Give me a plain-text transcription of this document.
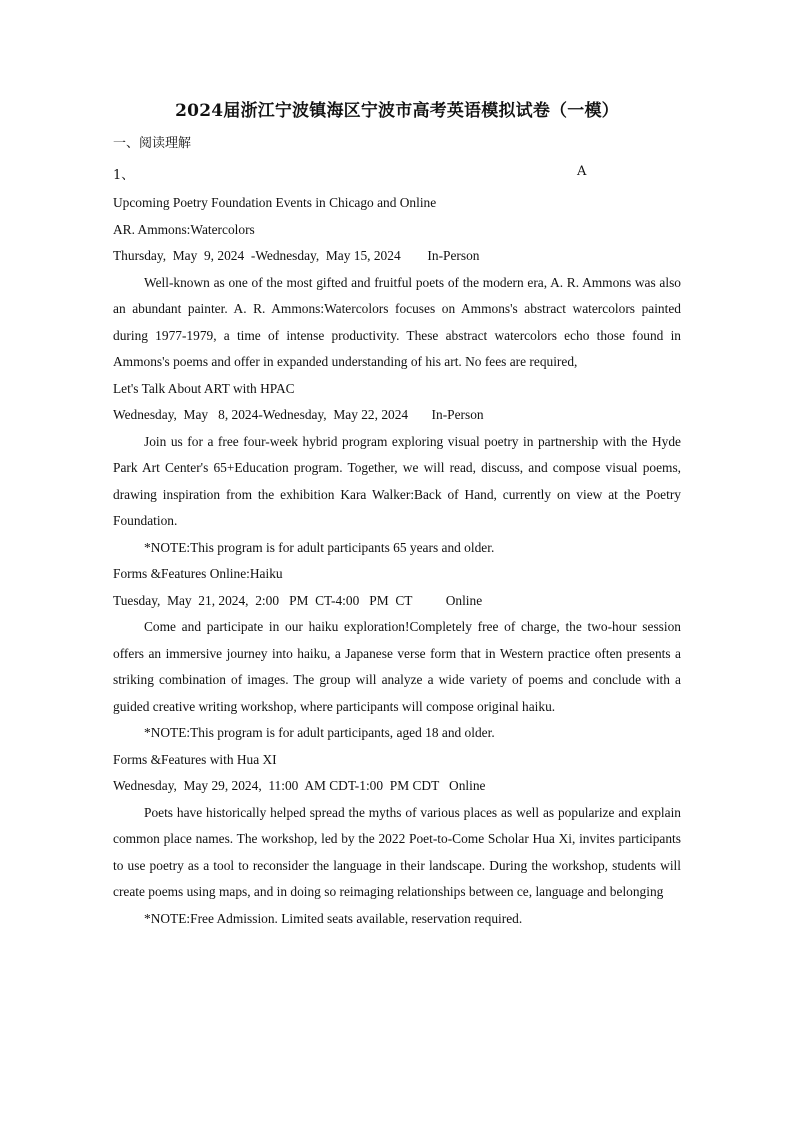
2024届浙江宁波镇海区宁波市高考英语模拟试卷（一模）
一、阅读理解
1、	A
Upcoming Poetry Foundation Events in Chicago and Online
AR. Ammons:Watercolors
Thursday,  May  9, 2024  -Wednesday,  May 15, 2024        In-Person

Well-known as one of the most gifted and fruitful poets of the modern era, A. R. Ammons was also an abundant painter. A. R. Ammons:Watercolors focuses on Ammons's abstract watercolors painted during 1977-1979, a time of intense productivity. These abstract watercolors echo those found in Ammons's poems and offer in expanded understanding of his art. No fees are required,

Let's Talk About ART with HPAC
Wednesday,  May   8, 2024-Wednesday,  May 22, 2024       In-Person

Join us for a free four-week hybrid program exploring visual poetry in partnership with the Hyde Park Art Center's 65+Education program. Together, we will read, discuss, and compose visual poems, drawing inspiration from the exhibition Kara Walker:Back of Hand, currently on view at the Poetry Foundation.

*NOTE:This program is for adult participants 65 years and older.

Forms &Features Online:Haiku
Tuesday,  May  21, 2024,  2:00   PM  CT-4:00   PM  CT          Online

Come and participate in our haiku exploration!Completely free of charge, the two-hour session offers an immersive journey into haiku, a Japanese verse form that in Western practice often presents a striking combination of images. The group will analyze a wide variety of poems and conclude with a guided creative writing workshop, where participants will compose original haiku.

*NOTE:This program is for adult participants, aged 18 and older.

Forms &Features with Hua XI
Wednesday,  May 29, 2024,  11:00  AM CDT-1:00  PM CDT   Online

Poets have historically helped spread the myths of various places as well as popularize and explain common place names. The workshop, led by the 2022 Poet-to-Come Scholar Hua Xi, invites participants to use poetry as a tool to reconsider the language in their landscape. During the workshop, students will create poems using maps, and in doing so reimaging relationships between ce, language and belonging

*NOTE:Free Admission. Limited seats available, reservation required.
